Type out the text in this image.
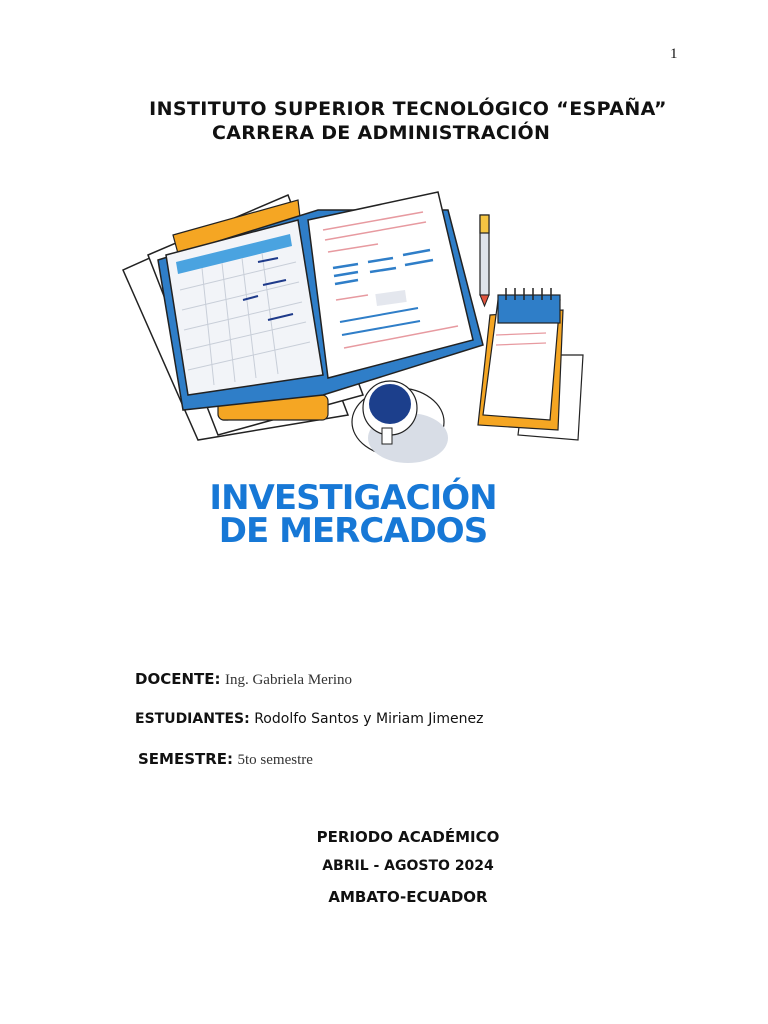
1
INSTITUTO SUPERIOR TECNOLÓGICO “ESPAÑA”
CARRERA DE ADMINISTRACIÓN
INVESTIGACIÓN
DE MERCADOS
DOCENTE: Ing. Gabriela Merino
ESTUDIANTES: Rodolfo Santos y Miriam Jimenez
SEMESTRE: 5to semestre
PERIODO ACADÉMICO
ABRIL - AGOSTO 2024
AMBATO-ECUADOR
